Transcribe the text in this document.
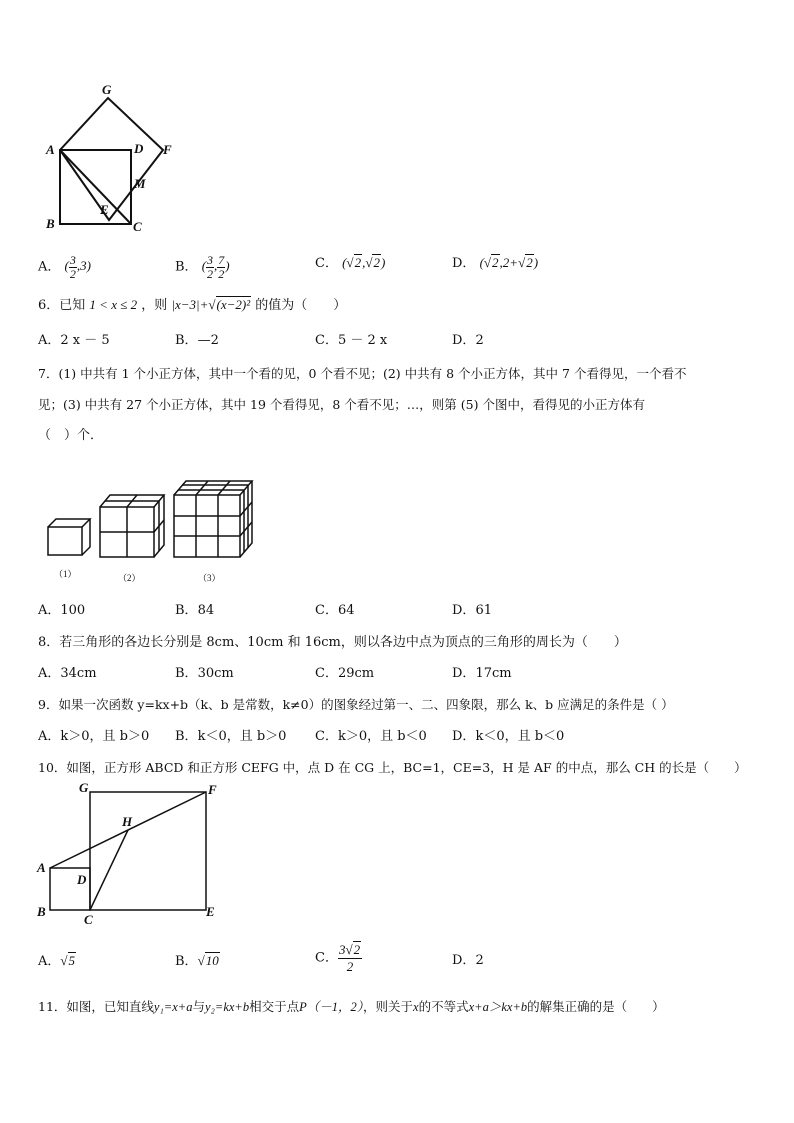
G
A	D F
M
E
B	C
A． ( $\frac{3}{2} ,3$)	B． ( $\frac{3}{2}$ , $\frac{7}{2}$ )	C． (√2,√2)	D． (√2,2+√2)
6．已知 1 < x ≤ 2 ，则 |x−3|+√(x−2)² 的值为（　　）
A．2 x － 5	B．—2	C．5 － 2 x	D．2
7．(1) 中共有 1 个小正方体，其中一个看的见，0 个看不见；(2) 中共有 8 个小正方体，其中 7 个看得见，一个看不
见；(3) 中共有 27 个小正方体，其中 19 个看得见，8 个看不见；…，则第 (5) 个图中，看得见的小正方体有
（　）个．
（1）	（2）	（3）
A．100	B．84	C．64	D．61
8．若三角形的各边长分别是 8cm、10cm 和 16cm，则以各边中点为顶点的三角形的周长为（　　）
A．34cm	B．30cm	C．29cm	D．17cm
9．如果一次函数 y=kx+b（k、b 是常数，k≠0）的图象经过第一、二、四象限，那么 k、b 应满足的条件是（ ）
A．k＞0，且 b＞0 B．k＜0，且 b＞0 C．k＞0，且 b＜0 D．k＜0，且 b＜0
10．如图，正方形 ABCD 和正方形 CEFG 中，点 D 在 CG 上，BC=1，CE=3，H 是 AF 的中点，那么 CH 的长是（　　）
G	F
H
A
D
B
C
E
A．√5	B．√10	C． $\frac{3√2}{2}$	D．2
11．如图，已知直线y₁=x+a与y₂=kx+b相交于点P（－1，2），则关于x的不等式x+a＞kx+b的解集正确的是（　　）
